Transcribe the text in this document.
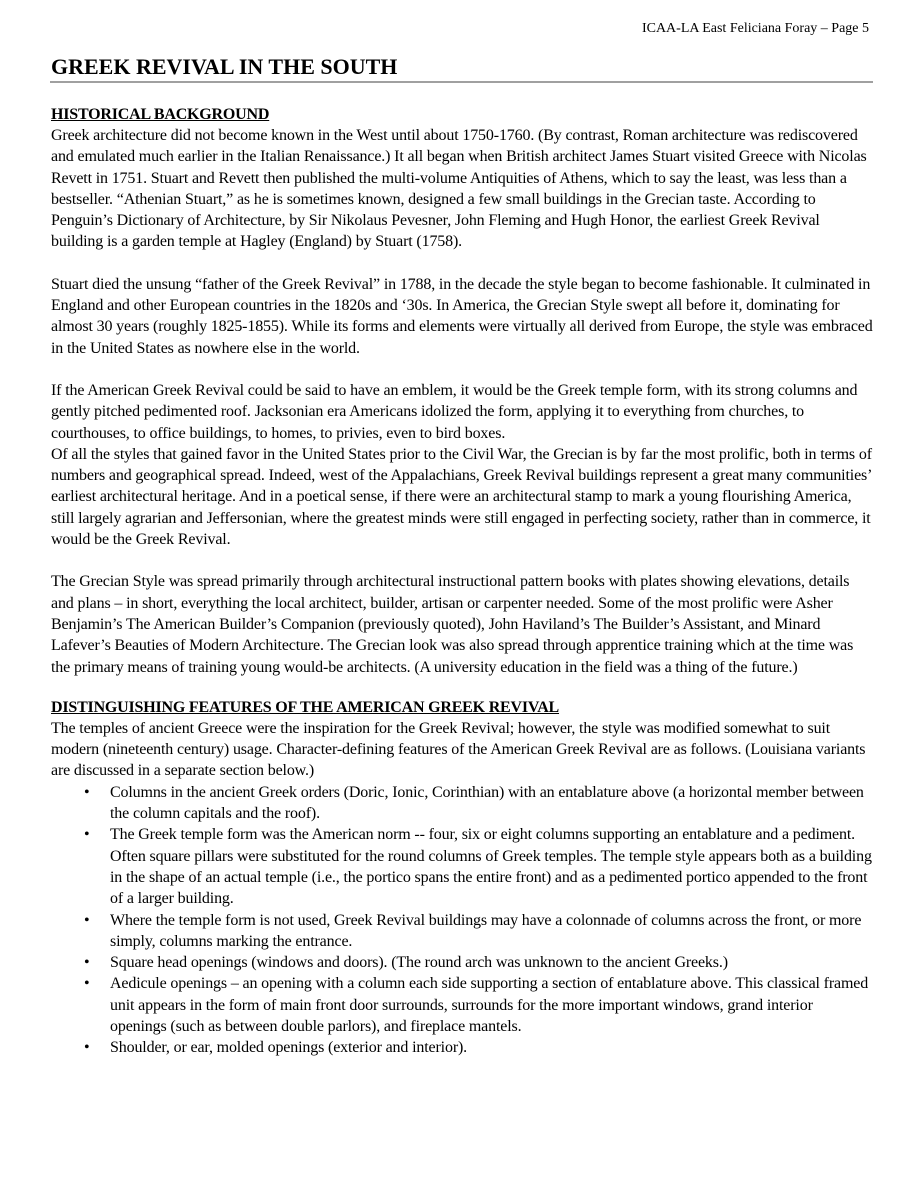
ICAA-LA East Feliciana Foray – Page 5
GREEK REVIVAL IN THE SOUTH
HISTORICAL BACKGROUND

Greek architecture did not become known in the West until about 1750-1760. (By contrast, Roman architecture was rediscovered and emulated much earlier in the Italian Renaissance.) It all began when British architect James Stuart visited Greece with Nicolas Revett in 1751. Stuart and Revett then published the multi-volume Antiquities of Athens, which to say the least, was less than a bestseller. “Athenian Stuart,” as he is sometimes known, designed a few small buildings in the Grecian taste. According to Penguin’s Dictionary of Architecture, by Sir Nikolaus Pevesner, John Fleming and Hugh Honor, the earliest Greek Revival building is a garden temple at Hagley (England) by Stuart (1758).

Stuart died the unsung “father of the Greek Revival” in 1788, in the decade the style began to become fashionable. It culminated in England and other European countries in the 1820s and ‘30s. In America, the Grecian Style swept all before it, dominating for almost 30 years (roughly 1825-1855). While its forms and elements were virtually all derived from Europe, the style was embraced in the United States as nowhere else in the world.

If the American Greek Revival could be said to have an emblem, it would be the Greek temple form, with its strong columns and gently pitched pedimented roof. Jacksonian era Americans idolized the form, applying it to everything from churches, to courthouses, to office buildings, to homes, to privies, even to bird boxes.

Of all the styles that gained favor in the United States prior to the Civil War, the Grecian is by far the most prolific, both in terms of numbers and geographical spread. Indeed, west of the Appalachians, Greek Revival buildings represent a great many communities’ earliest architectural heritage. And in a poetical sense, if there were an architectural stamp to mark a young flourishing America, still largely agrarian and Jeffersonian, where the greatest minds were still engaged in perfecting society, rather than in commerce, it would be the Greek Revival.

The Grecian Style was spread primarily through architectural instructional pattern books with plates showing elevations, details and plans – in short, everything the local architect, builder, artisan or carpenter needed. Some of the most prolific were Asher Benjamin’s The American Builder’s Companion (previously quoted), John Haviland’s The Builder’s Assistant, and Minard Lafever’s Beauties of Modern Architecture. The Grecian look was also spread through apprentice training which at the time was the primary means of training young would-be architects. (A university education in the field was a thing of the future.)

DISTINGUISHING FEATURES OF THE AMERICAN GREEK REVIVAL

The temples of ancient Greece were the inspiration for the Greek Revival; however, the style was modified somewhat to suit modern (nineteenth century) usage. Character-defining features of the American Greek Revival are as follows. (Louisiana variants are discussed in a separate section below.)

• Columns in the ancient Greek orders (Doric, Ionic, Corinthian) with an entablature above (a horizontal member between the column capitals and the roof).
• The Greek temple form was the American norm -- four, six or eight columns supporting an entablature and a pediment. Often square pillars were substituted for the round columns of Greek temples. The temple style appears both as a building in the shape of an actual temple (i.e., the portico spans the entire front) and as a pedimented portico appended to the front of a larger building.
• Where the temple form is not used, Greek Revival buildings may have a colonnade of columns across the front, or more simply, columns marking the entrance.
• Square head openings (windows and doors). (The round arch was unknown to the ancient Greeks.)
• Aedicule openings – an opening with a column each side supporting a section of entablature above. This classical framed unit appears in the form of main front door surrounds, surrounds for the more important windows, grand interior openings (such as between double parlors), and fireplace mantels.
• Shoulder, or ear, molded openings (exterior and interior).
